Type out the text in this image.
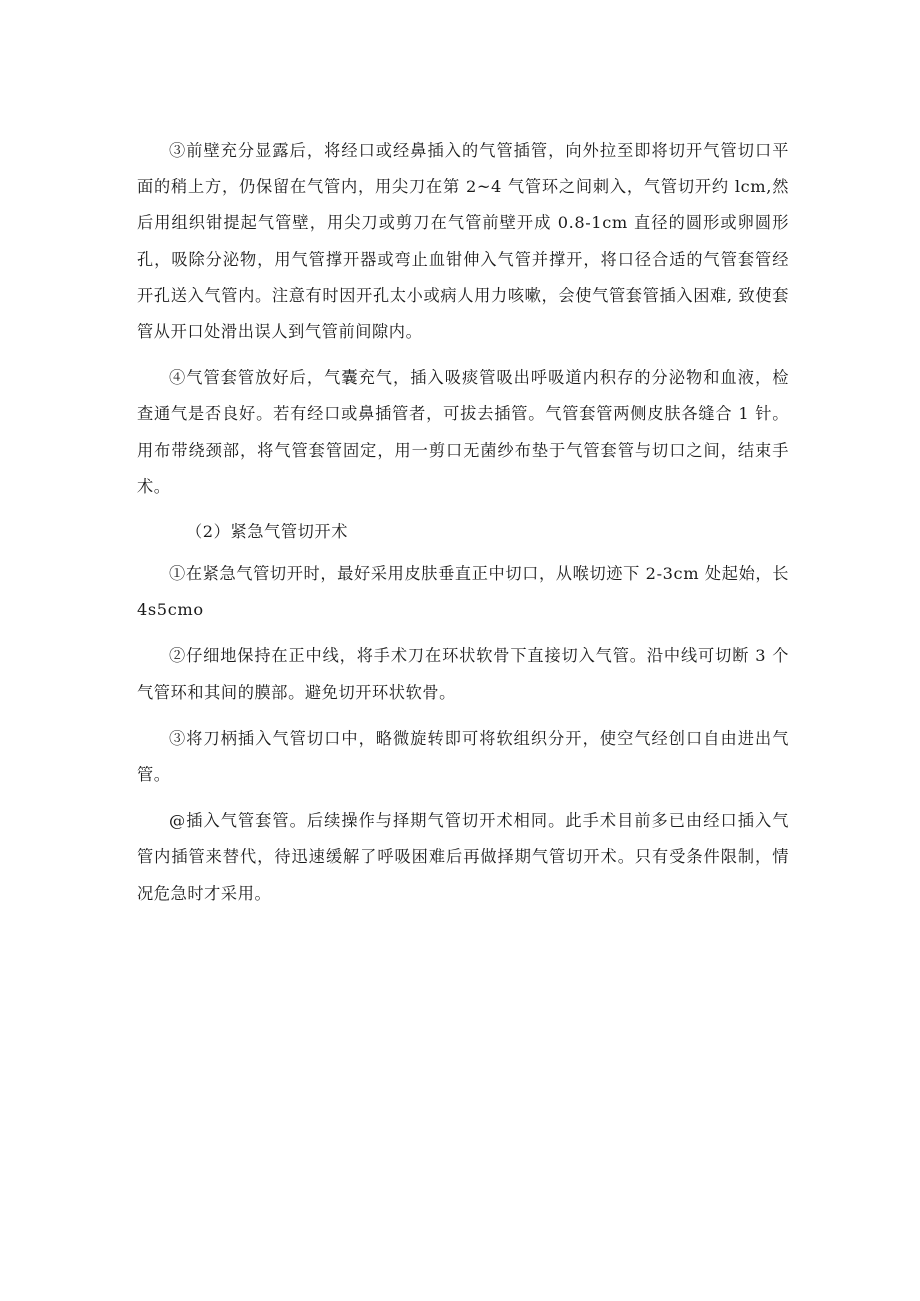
③前壁充分显露后，将经口或经鼻插入的气管插管，向外拉至即将切开气管切口平面的稍上方，仍保留在气管内，用尖刀在第 2~4 气管环之间刺入，气管切开约 lcm,然后用组织钳提起气管壁，用尖刀或剪刀在气管前壁开成 0.8-1cm 直径的圆形或卵圆形孔，吸除分泌物，用气管撑开器或弯止血钳伸入气管并撑开，将口径合适的气管套管经开孔送入气管内。注意有时因开孔太小或病人用力咳嗽，会使气管套管插入困难, 致使套管从开口处滑出误人到气管前间隙内。

④气管套管放好后，气囊充气，插入吸痰管吸出呼吸道内积存的分泌物和血液，检查通气是否良好。若有经口或鼻插管者，可拔去插管。气管套管两侧皮肤各缝合 1 针。用布带绕颈部，将气管套管固定，用一剪口无菌纱布垫于气管套管与切口之间，结束手术。

（2）紧急气管切开术

①在紧急气管切开时，最好采用皮肤垂直正中切口，从喉切迹下 2-3cm 处起始，长4s5cmo

②仔细地保持在正中线，将手术刀在环状软骨下直接切入气管。沿中线可切断 3 个气管环和其间的膜部。避免切开环状软骨。

③将刀柄插入气管切口中，略微旋转即可将软组织分开，使空气经创口自由进出气管。

@插入气管套管。后续操作与择期气管切开术相同。此手术目前多已由经口插入气管内插管来替代，待迅速缓解了呼吸困难后再做择期气管切开术。只有受条件限制，情况危急时才采用。
